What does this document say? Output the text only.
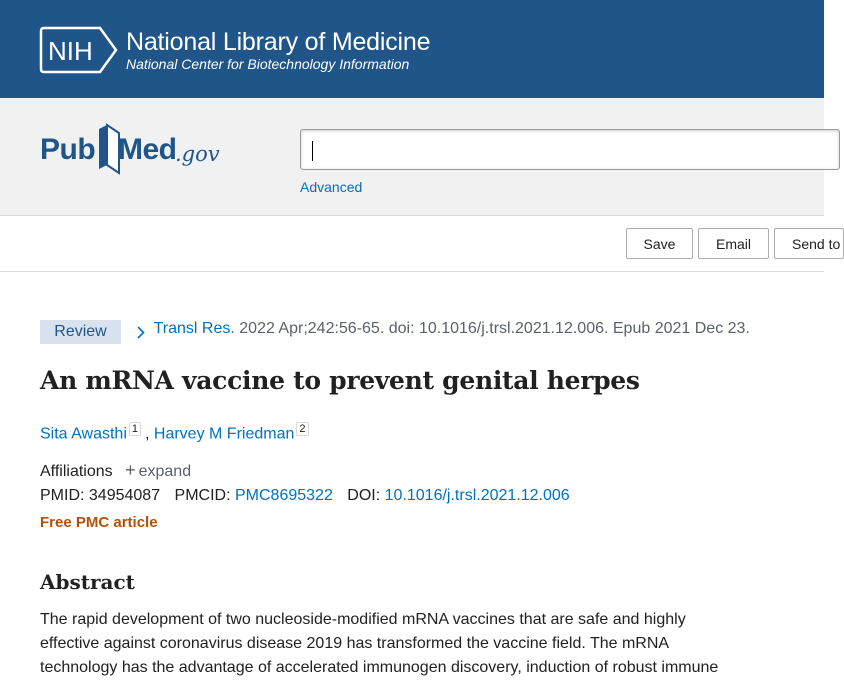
NIH National Library of Medicine
National Center for Biotechnology Information
Pub Med
.gov
Advanced
Save	Email	Send to
Review	Transl Res. 2022 Apr;242:56-65. doi: 10.1016/j.trsl.2021.12.006. Epub 2021 Dec 23.
An mRNA vaccine to prevent genital herpes
Sita Awasthi $^1$ , Harvey M Friedman $^2$
Affiliations + expand
PMID: 34954087 PMCID: PMC8695322 DOI: 10.1016/j.trsl.2021.12.006
Free PMC article
Abstract

The rapid development of two nucleoside-modified mRNA vaccines that are safe and highly

effective against coronavirus disease 2019 has transformed the vaccine field. The mRNA

technology has the advantage of accelerated immunogen discovery, induction of robust immune
